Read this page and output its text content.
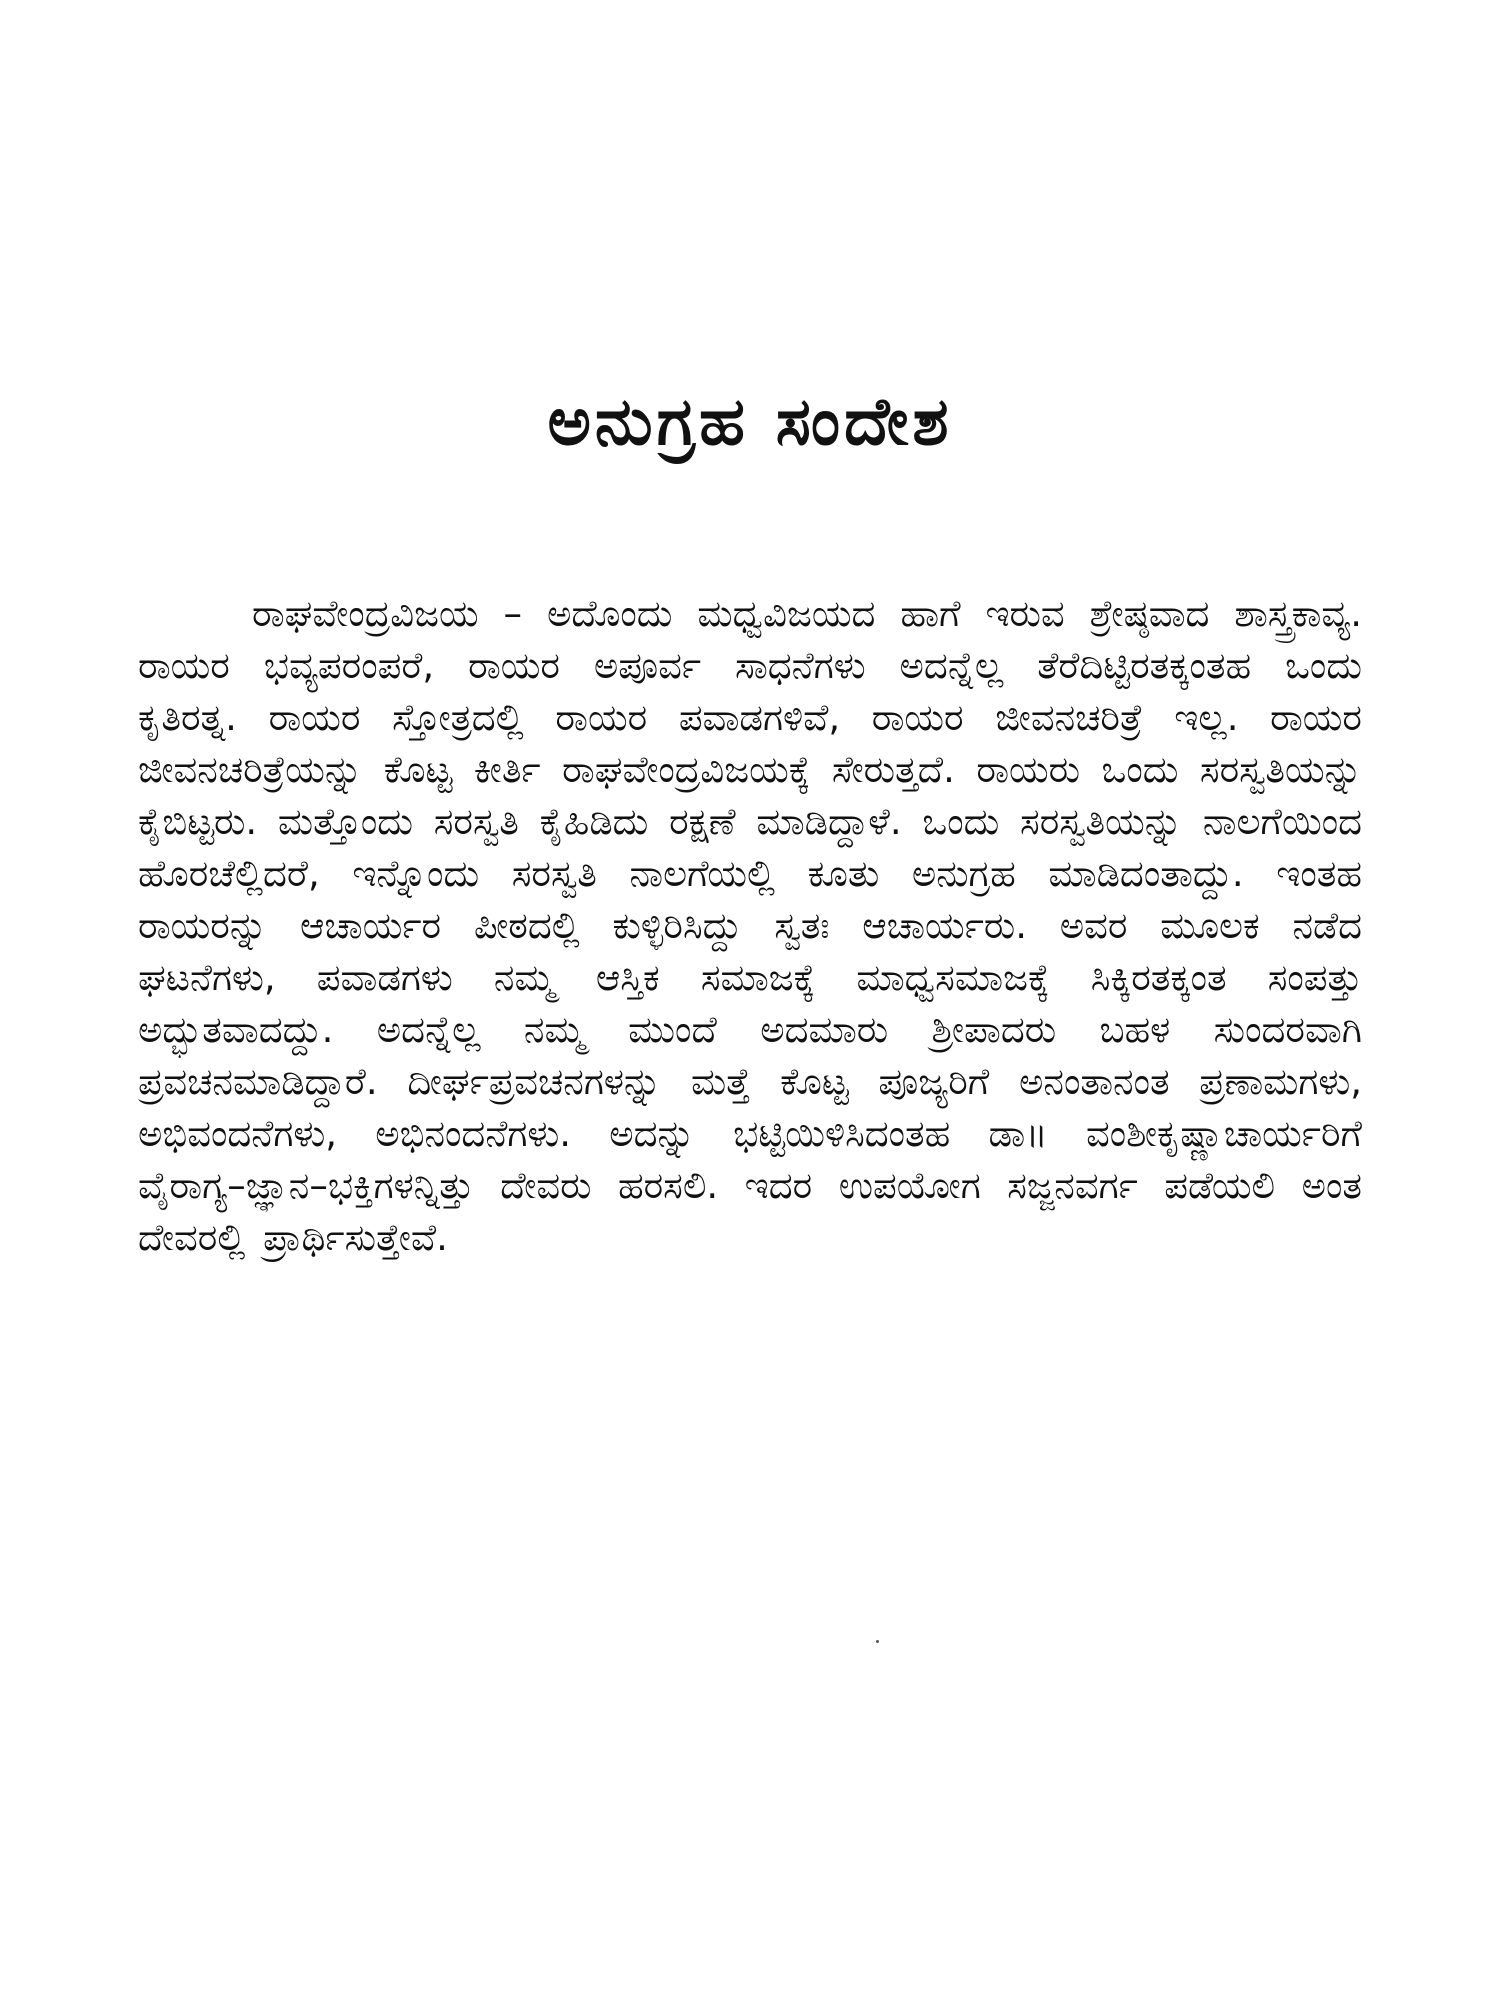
ಅನುಗ್ರಹ ಸಂದೇಶ

ರಾಘವೇಂದ್ರವಿಜಯ – ಅದೊಂದು ಮಧ್ವವಿಜಯದ ಹಾಗೆ ಇರುವ ಶ್ರೇಷ್ಠವಾದ ಶಾಸ್ತ್ರಕಾವ್ಯ. ರಾಯರ ಭವ್ಯಪರಂಪರೆ, ರಾಯರ ಅಪೂರ್ವ ಸಾಧನೆಗಳು ಅದನ್ನೆಲ್ಲ ತೆರೆದಿಟ್ಟಿರತಕ್ಕಂತಹ ಒಂದು ಕೃತಿರತ್ನ. ರಾಯರ ಸ್ತೋತ್ರದಲ್ಲಿ ರಾಯರ ಪವಾಡಗಳಿವೆ, ರಾಯರ ಜೀವನಚರಿತ್ರೆ ಇಲ್ಲ. ರಾಯರ ಜೀವನಚರಿತ್ರೆಯನ್ನು ಕೊಟ್ಟ ಕೀರ್ತಿ ರಾಘವೇಂದ್ರವಿಜಯಕ್ಕೆ ಸೇರುತ್ತದೆ. ರಾಯರು ಒಂದು ಸರಸ್ವತಿಯನ್ನು ಕೈಬಿಟ್ಟರು. ಮತ್ತೊಂದು ಸರಸ್ವತಿ ಕೈಹಿಡಿದು ರಕ್ಷಣೆ ಮಾಡಿದ್ದಾಳೆ. ಒಂದು ಸರಸ್ವತಿಯನ್ನು ನಾಲಗೆಯಿಂದ ಹೊರಚೆಲ್ಲಿದರೆ, ಇನ್ನೊಂದು ಸರಸ್ವತಿ ನಾಲಗೆಯಲ್ಲಿ ಕೂತು ಅನುಗ್ರಹ ಮಾಡಿದಂತಾದ್ದು. ಇಂತಹ ರಾಯರನ್ನು ಆಚಾರ್ಯರ ಪೀಠದಲ್ಲಿ ಕುಳ್ಳಿರಿಸಿದ್ದು ಸ್ವತಃ ಆಚಾರ್ಯರು. ಅವರ ಮೂಲಕ ನಡೆದ ಘಟನೆಗಳು, ಪವಾಡಗಳು ನಮ್ಮ ಆಸ್ತಿಕ ಸಮಾಜಕ್ಕೆ ಮಾಧ್ವಸಮಾಜಕ್ಕೆ ಸಿಕ್ಕಿರತಕ್ಕಂತ ಸಂಪತ್ತು ಅದ್ಭುತವಾದದ್ದು. ಅದನ್ನೆಲ್ಲ ನಮ್ಮ ಮುಂದೆ ಅದಮಾರು ಶ್ರೀಪಾದರು ಬಹಳ ಸುಂದರವಾಗಿ ಪ್ರವಚನಮಾಡಿದ್ದಾರೆ. ದೀರ್ಘಪ್ರವಚನಗಳನ್ನು ಮತ್ತೆ ಕೊಟ್ಟ ಪೂಜ್ಯರಿಗೆ ಅನಂತಾನಂತ ಪ್ರಣಾಮಗಳು, ಅಭಿವಂದನೆಗಳು, ಅಭಿನಂದನೆಗಳು. ಅದನ್ನು ಭಟ್ಟಿಯಿಳಿಸಿದಂತಹ ಡಾ॥ ವಂಶೀಕೃಷ್ಣಾಚಾರ್ಯರಿಗೆ ವೈರಾಗ್ಯ–ಜ್ಞಾನ–ಭಕ್ತಿಗಳನ್ನಿತ್ತು ದೇವರು ಹರಸಲಿ. ಇದರ ಉಪಯೋಗ ಸಜ್ಜನವರ್ಗ ಪಡೆಯಲಿ ಅಂತ ದೇವರಲ್ಲಿ ಪ್ರಾರ್ಥಿಸುತ್ತೇವೆ.
